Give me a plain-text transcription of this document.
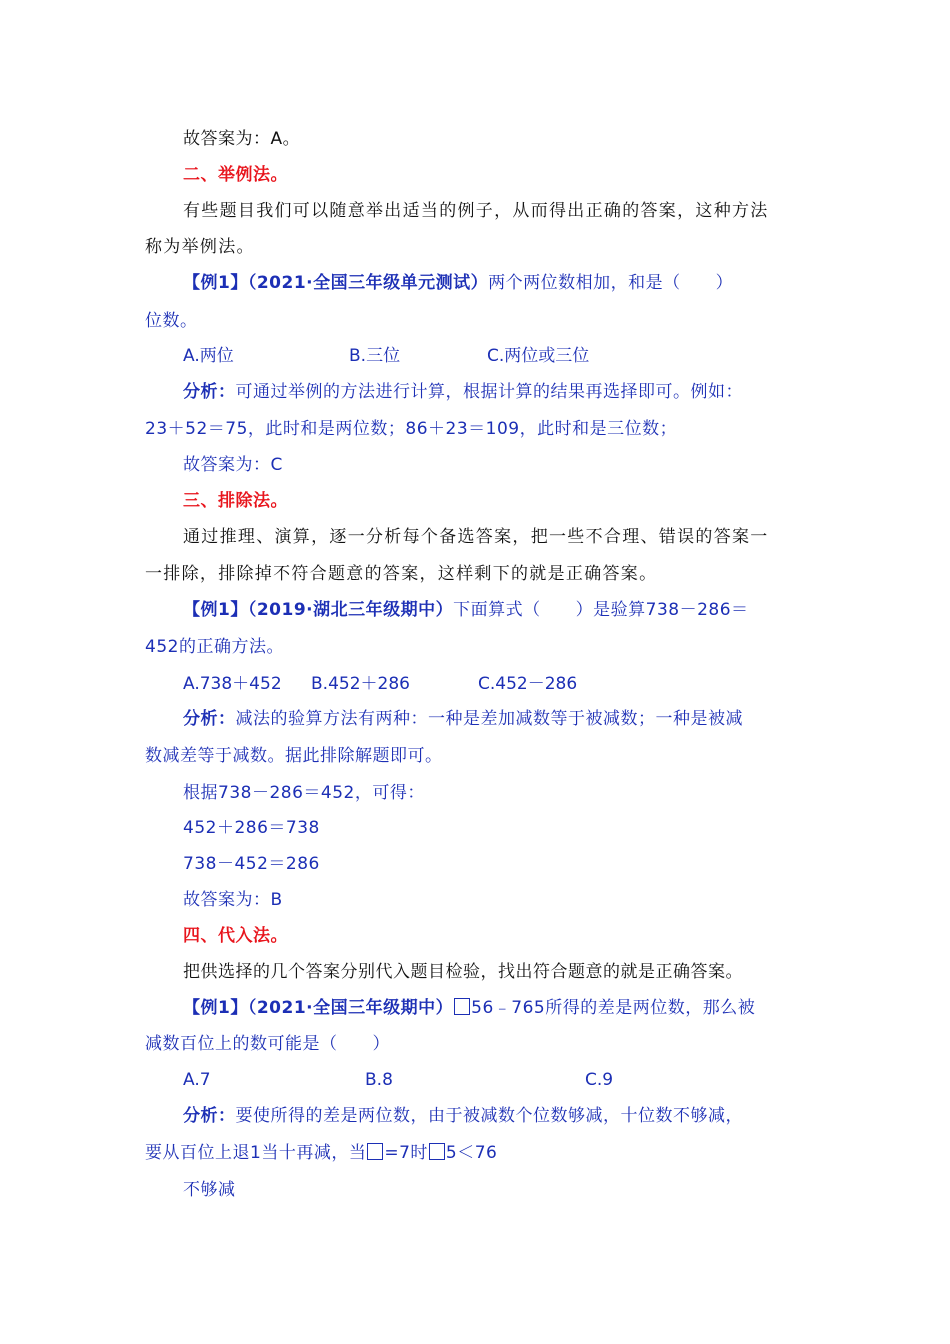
故答案为：A。
二、举例法。
有些题目我们可以随意举出适当的例子，从而得出正确的答案，这种方法
称为举例法。
【例1】（2021·全国三年级单元测试）两个两位数相加，和是（　　）
位数。
A.两位	B.三位	C.两位或三位
分析：可通过举例的方法进行计算，根据计算的结果再选择即可。例如：
23＋52＝75，此时和是两位数；86＋23＝109，此时和是三位数；
故答案为：C
三、排除法。
通过推理、演算，逐一分析每个备选答案，把一些不合理、错误的答案一
一排除，排除掉不符合题意的答案，这样剩下的就是正确答案。
【例1】（2019·湖北三年级期中）下面算式（　　）是验算738－286＝
452的正确方法。
A.738＋452 B.452＋286	C.452－286
分析：减法的验算方法有两种：一种是差加减数等于被减数；一种是被减
数减差等于减数。据此排除解题即可。
根据738－286＝452，可得：
452＋286＝738
738－452＝286
故答案为：B
四、代入法。
把供选择的几个答案分别代入题目检验，找出符合题意的就是正确答案。
【例1】（2021·全国三年级期中） 56﹣765所得的差是两位数，那么被
减数百位上的数可能是（　　）
A.7	B.8	C.9
分析：要使所得的差是两位数，由于被减数个位数够减，十位数不够减，
要从百位上退1当十再减，当 =7时 5＜76
不够减
